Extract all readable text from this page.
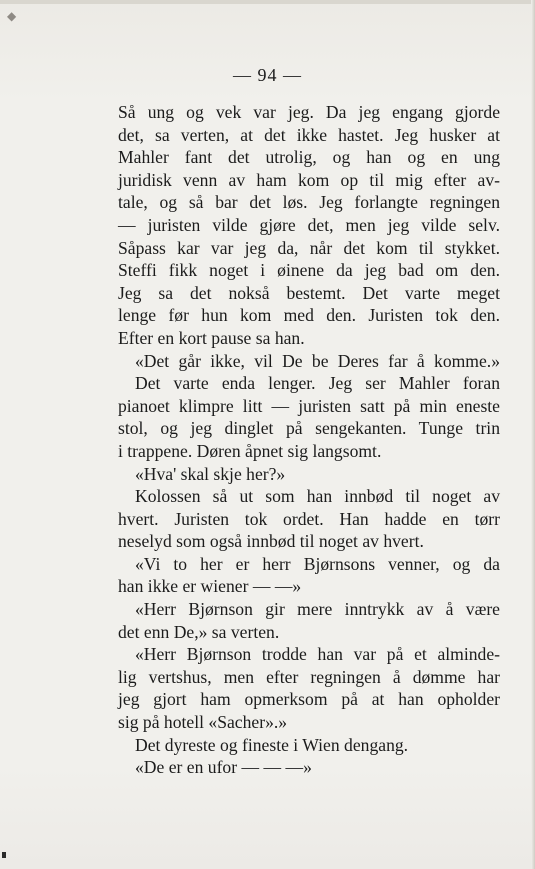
◆
— 94 —
Så ung og vek var jeg. Da jeg engang gjorde
det, sa verten, at det ikke hastet. Jeg husker at
Mahler fant det utrolig, og han og en ung
juridisk venn av ham kom op til mig efter av-
tale, og så bar det løs. Jeg forlangte regningen
— juristen vilde gjøre det, men jeg vilde selv.
Såpass kar var jeg da, når det kom til stykket.
Steffi fikk noget i øinene da jeg bad om den.
Jeg sa det nokså bestemt. Det varte meget
lenge før hun kom med den. Juristen tok den.
Efter en kort pause sa han.
«Det går ikke, vil De be Deres far å komme.»
Det varte enda lenger. Jeg ser Mahler foran
pianoet klimpre litt — juristen satt på min eneste
stol, og jeg dinglet på sengekanten. Tunge trin
i trappene. Døren åpnet sig langsomt.
«Hva' skal skje her?»
Kolossen så ut som han innbød til noget av
hvert. Juristen tok ordet. Han hadde en tørr
neselyd som også innbød til noget av hvert.
«Vi to her er herr Bjørnsons venner, og da
han ikke er wiener — —»
«Herr Bjørnson gir mere inntrykk av å være
det enn De,» sa verten.
«Herr Bjørnson trodde han var på et alminde-
lig vertshus, men efter regningen å dømme har
jeg gjort ham opmerksom på at han opholder
sig på hotell «Sacher».»
Det dyreste og fineste i Wien dengang.
«De er en ufor — — —»
